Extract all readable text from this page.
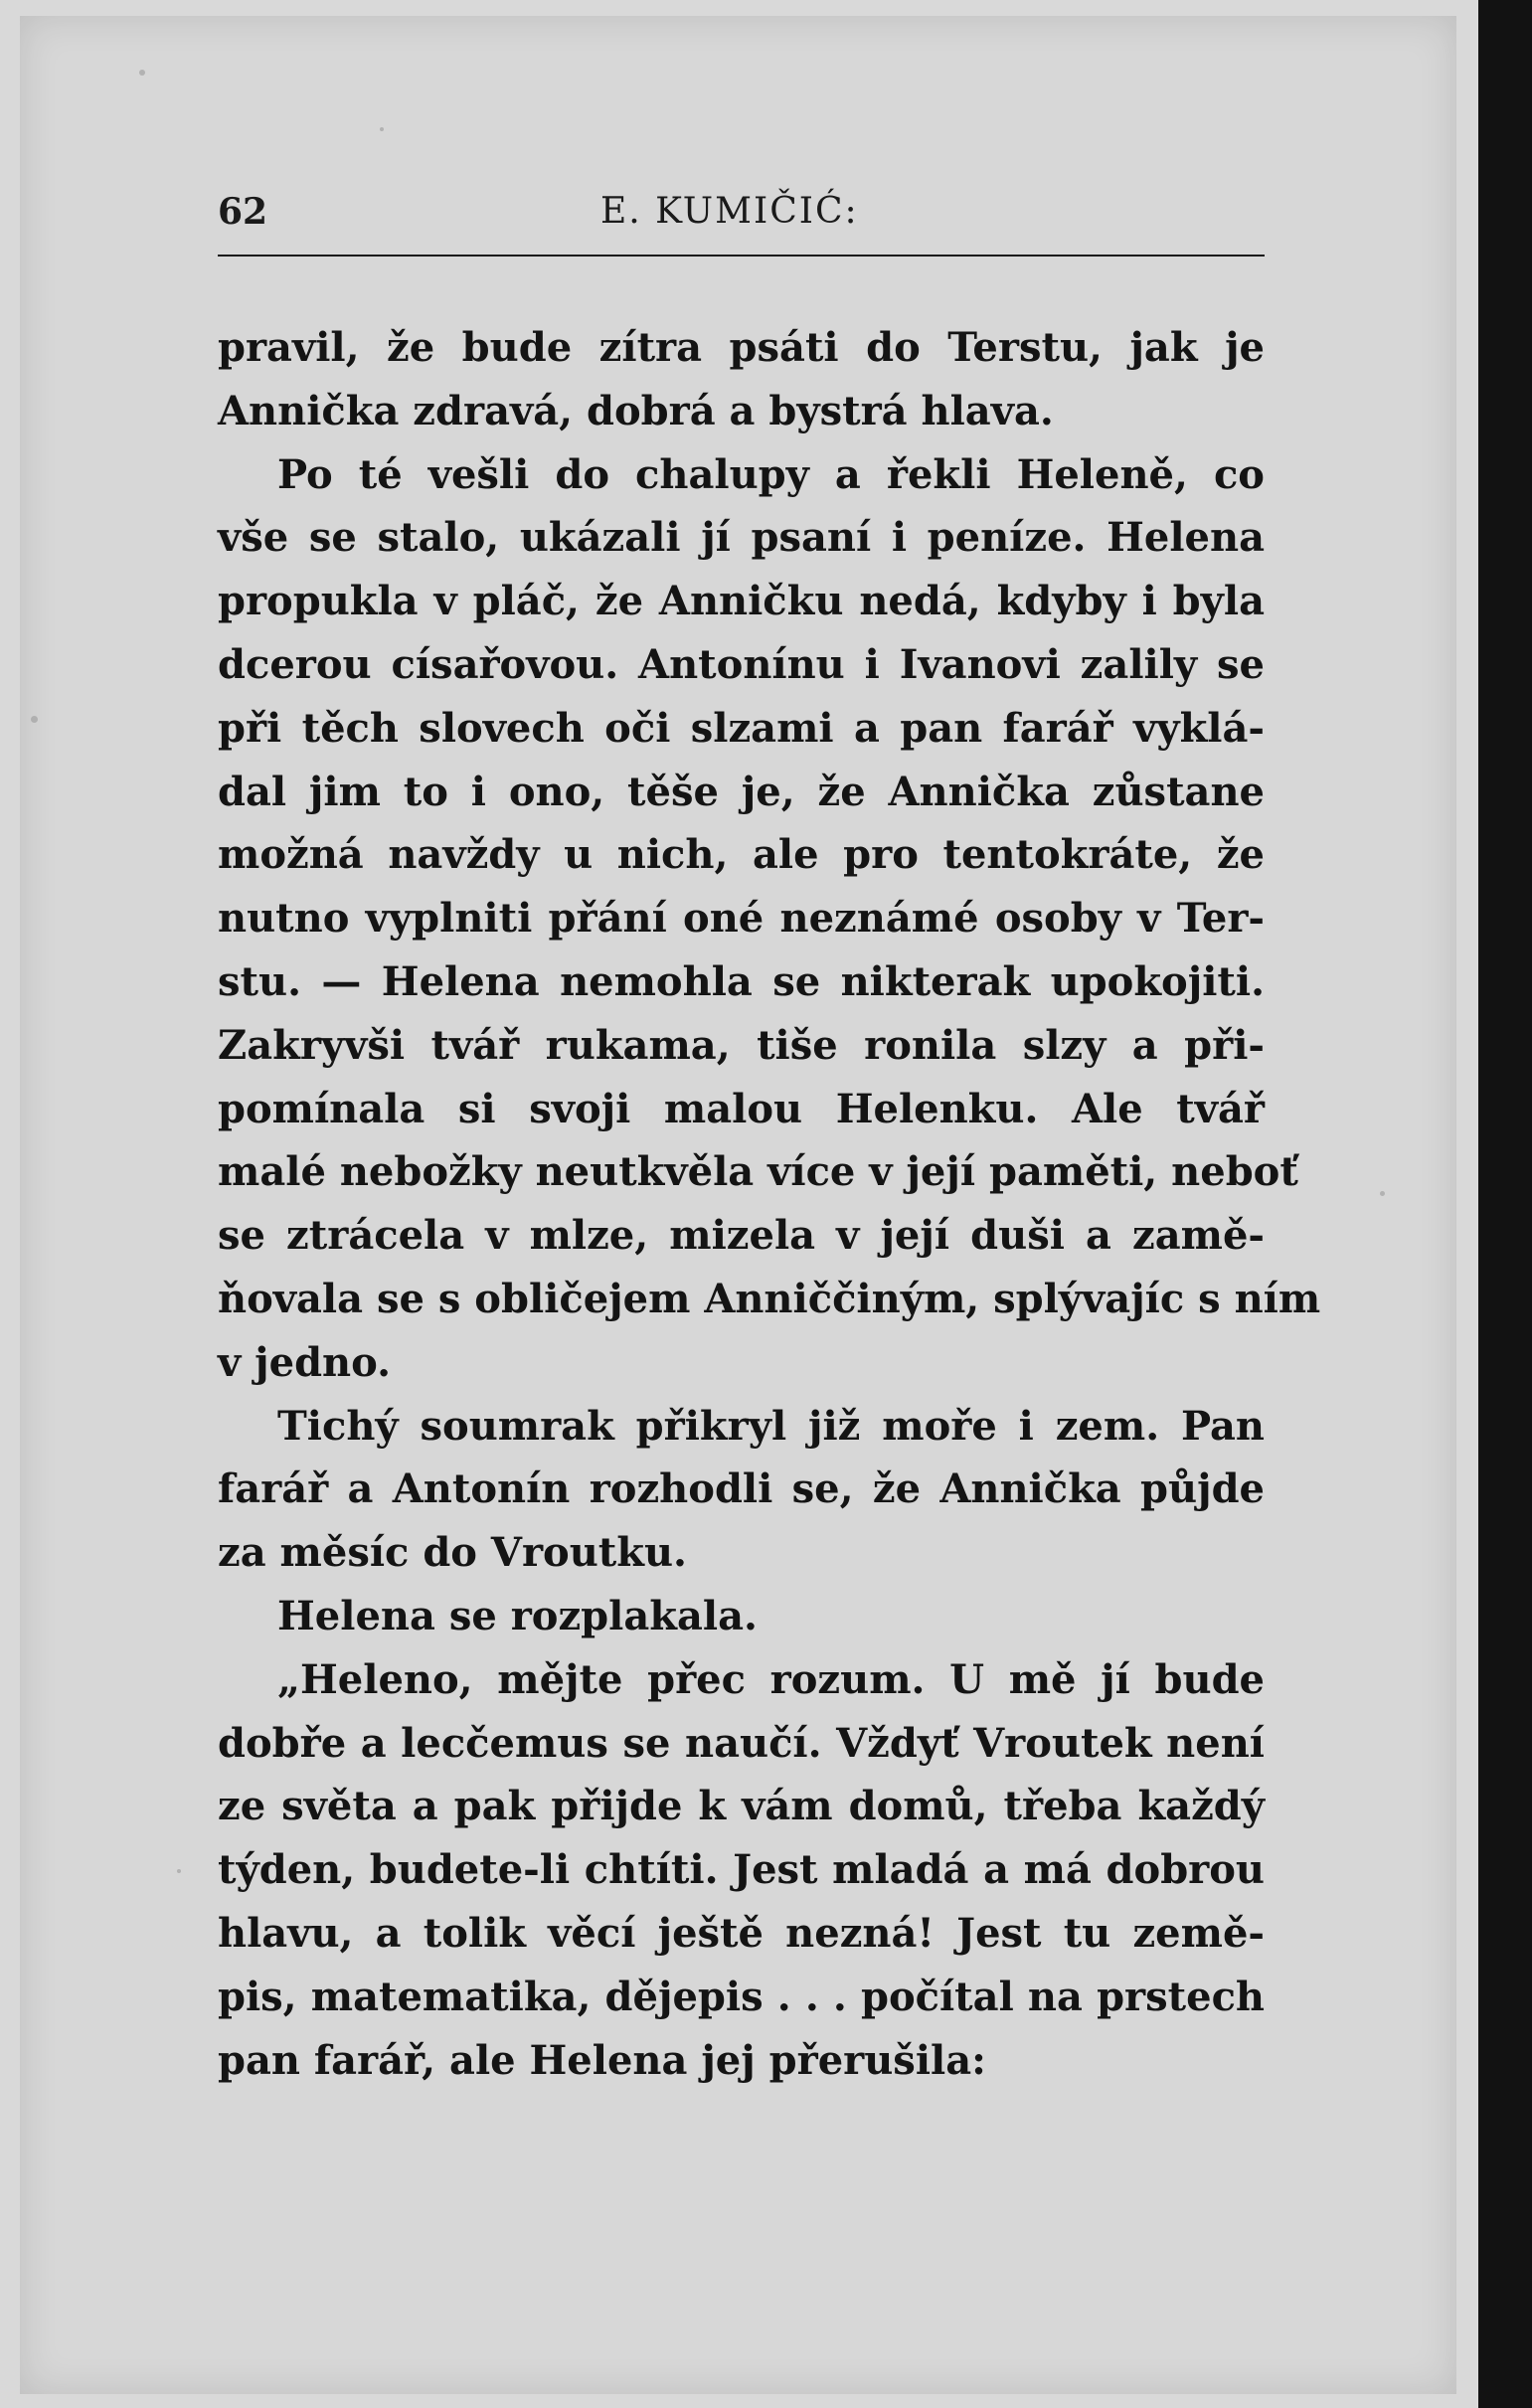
62	E. KUMIČIĆ:
pravil, že bude zítra psáti do Terstu, jak je
Annička zdravá, dobrá a bystrá hlava.
Po té vešli do chalupy a řekli Heleně, co
vše se stalo, ukázali jí psaní i peníze. Helena
propukla v pláč, že Anničku nedá, kdyby i byla
dcerou císařovou. Antonínu i Ivanovi zalily se
při těch slovech oči slzami a pan farář vyklá-
dal jim to i ono, těše je, že Annička zůstane
možná navždy u nich, ale pro tentokráte, že
nutno vyplniti přání oné neznámé osoby v Ter-
stu. — Helena nemohla se nikterak upokojiti.
Zakryvši tvář rukama, tiše ronila slzy a při-
pomínala si svoji malou Helenku. Ale tvář
malé nebožky neutkvěla více v její paměti, neboť
se ztrácela v mlze, mizela v její duši a zamě-
ňovala se s obličejem Anniččiným, splývajíc s ním
v jedno.
Tichý soumrak přikryl již moře i zem. Pan
farář a Antonín rozhodli se, že Annička půjde
za měsíc do Vroutku.
Helena se rozplakala.
„Heleno, mějte přec rozum. U mě jí bude
dobře a lecčemus se naučí. Vždyť Vroutek není
ze světa a pak přijde k vám domů, třeba každý
týden, budete-li chtíti. Jest mladá a má dobrou
hlavu, a tolik věcí ještě nezná! Jest tu země-
pis, matematika, dějepis . . . počítal na prstech
pan farář, ale Helena jej přerušila:
